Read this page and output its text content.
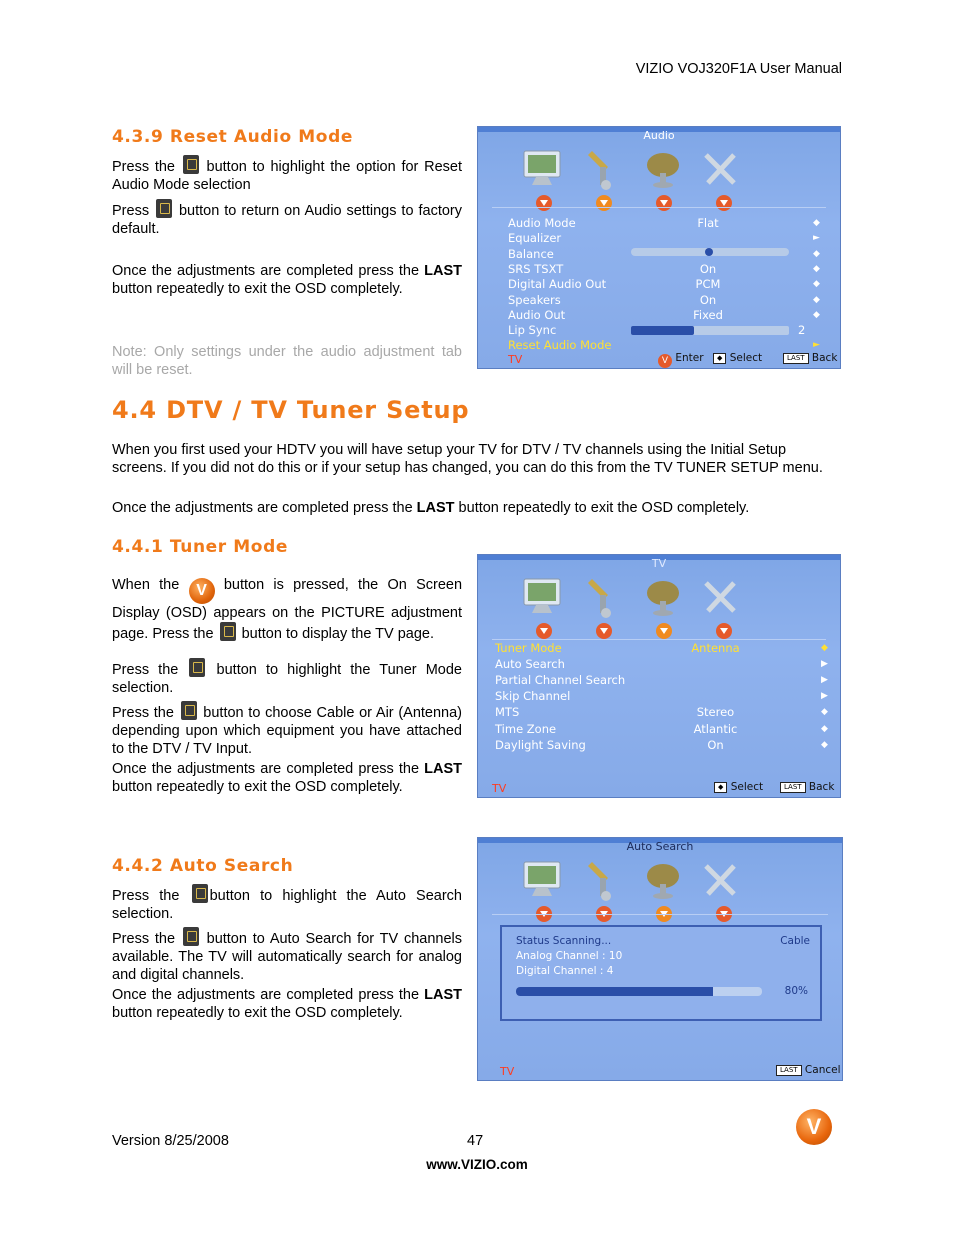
VIZIO VOJ320F1A User Manual
4.3.9 Reset Audio Mode
Press the  button to highlight the option for Reset Audio Mode selection
Press  button to return on Audio settings to factory default.
Once the adjustments are completed press the LAST button repeatedly to exit the OSD completely.
Note: Only settings under the audio adjustment tab will be reset.
Audio
Audio Mode	Flat	◆
Equalizer	►
Balance	◆
SRS TSXT	On	◆
Digital Audio Out	PCM	◆
Speakers	On	◆
Audio Out	Fixed	◆
Lip Sync	2
Reset Audio Mode	►
TV	V Enter	◆ Select	LAST Back
4.4 DTV / TV Tuner Setup
When you first used your HDTV you will have setup your TV for DTV / TV channels using the Initial Setup screens. If you did not do this or if your setup has changed, you can do this from the TV TUNER SETUP menu.
Once the adjustments are completed press the LAST button repeatedly to exit the OSD completely.
4.4.1 Tuner Mode
When the V button is pressed, the On Screen Display (OSD) appears on the PICTURE adjustment page. Press the  button to display the TV page.
Press the  button to highlight the Tuner Mode selection.
Press the  button to choose Cable or Air (Antenna) depending upon which equipment you have attached to the DTV / TV Input.
Once the adjustments are completed press the LAST button repeatedly to exit the OSD completely.
TV
Tuner Mode	Antenna	◆
Auto Search	▶
Partial Channel Search	▶
Skip Channel	▶
MTS	Stereo	◆
Time Zone	Atlantic	◆
Daylight Saving	On	◆
TV	◆ Select	LAST Back
4.4.2 Auto Search
Press the button to highlight the Auto Search selection.
Press the  button to Auto Search for TV channels available. The TV will automatically search for analog and digital channels.
Once the adjustments are completed press the LAST button repeatedly to exit the OSD completely.
Auto Search
Status Scanning...	Cable
Analog Channel : 10
Digital Channel : 4
80%
TV	LAST Cancel
Version 8/25/2008	47
www.VIZIO.com
V
